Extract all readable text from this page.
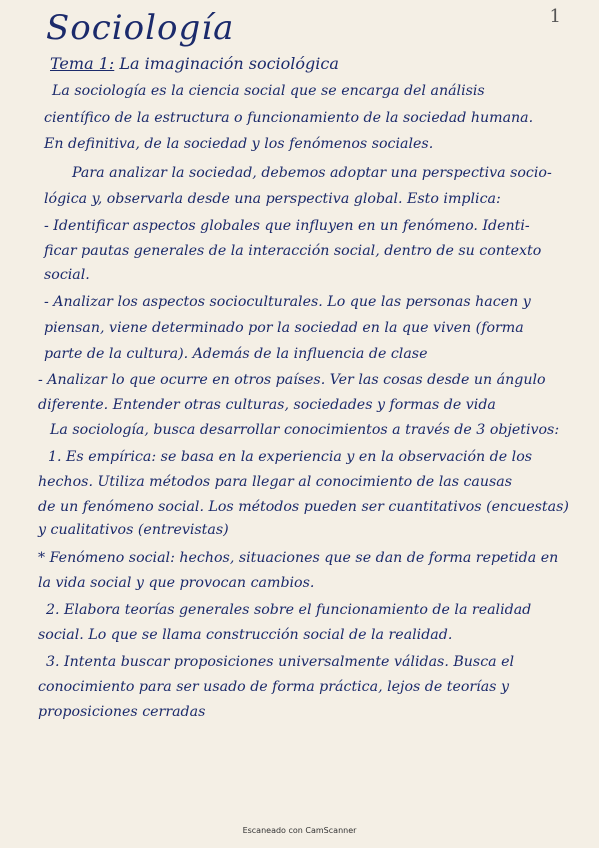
Sociología	1
Tema 1: La imaginación sociológica
La sociología es la ciencia social que se encarga del análisis
científico de la estructura o funcionamiento de la sociedad humana.
En definitiva, de la sociedad y los fenómenos sociales.
Para analizar la sociedad, debemos adoptar una perspectiva socio-
lógica y, observarla desde una perspectiva global. Esto implica:
- Identificar aspectos globales que influyen en un fenómeno. Identi-
ficar pautas generales de la interacción social, dentro de su contexto
social.
- Analizar los aspectos socioculturales. Lo que las personas hacen y
piensan, viene determinado por la sociedad en la que viven (forma
parte de la cultura). Además de la influencia de clase
- Analizar lo que ocurre en otros países. Ver las cosas desde un ángulo
diferente. Entender otras culturas, sociedades y formas de vida
La sociología, busca desarrollar conocimientos a través de 3 objetivos:
1. Es empírica: se basa en la experiencia y en la observación de los
hechos. Utiliza métodos para llegar al conocimiento de las causas
de un fenómeno social. Los métodos pueden ser cuantitativos (encuestas)
y cualitativos (entrevistas)
* Fenómeno social: hechos, situaciones que se dan de forma repetida en
la vida social y que provocan cambios.
2. Elabora teorías generales sobre el funcionamiento de la realidad
social. Lo que se llama construcción social de la realidad.
3. Intenta buscar proposiciones universalmente válidas. Busca el
conocimiento para ser usado de forma práctica, lejos de teorías y
proposiciones cerradas
Escaneado con CamScanner
